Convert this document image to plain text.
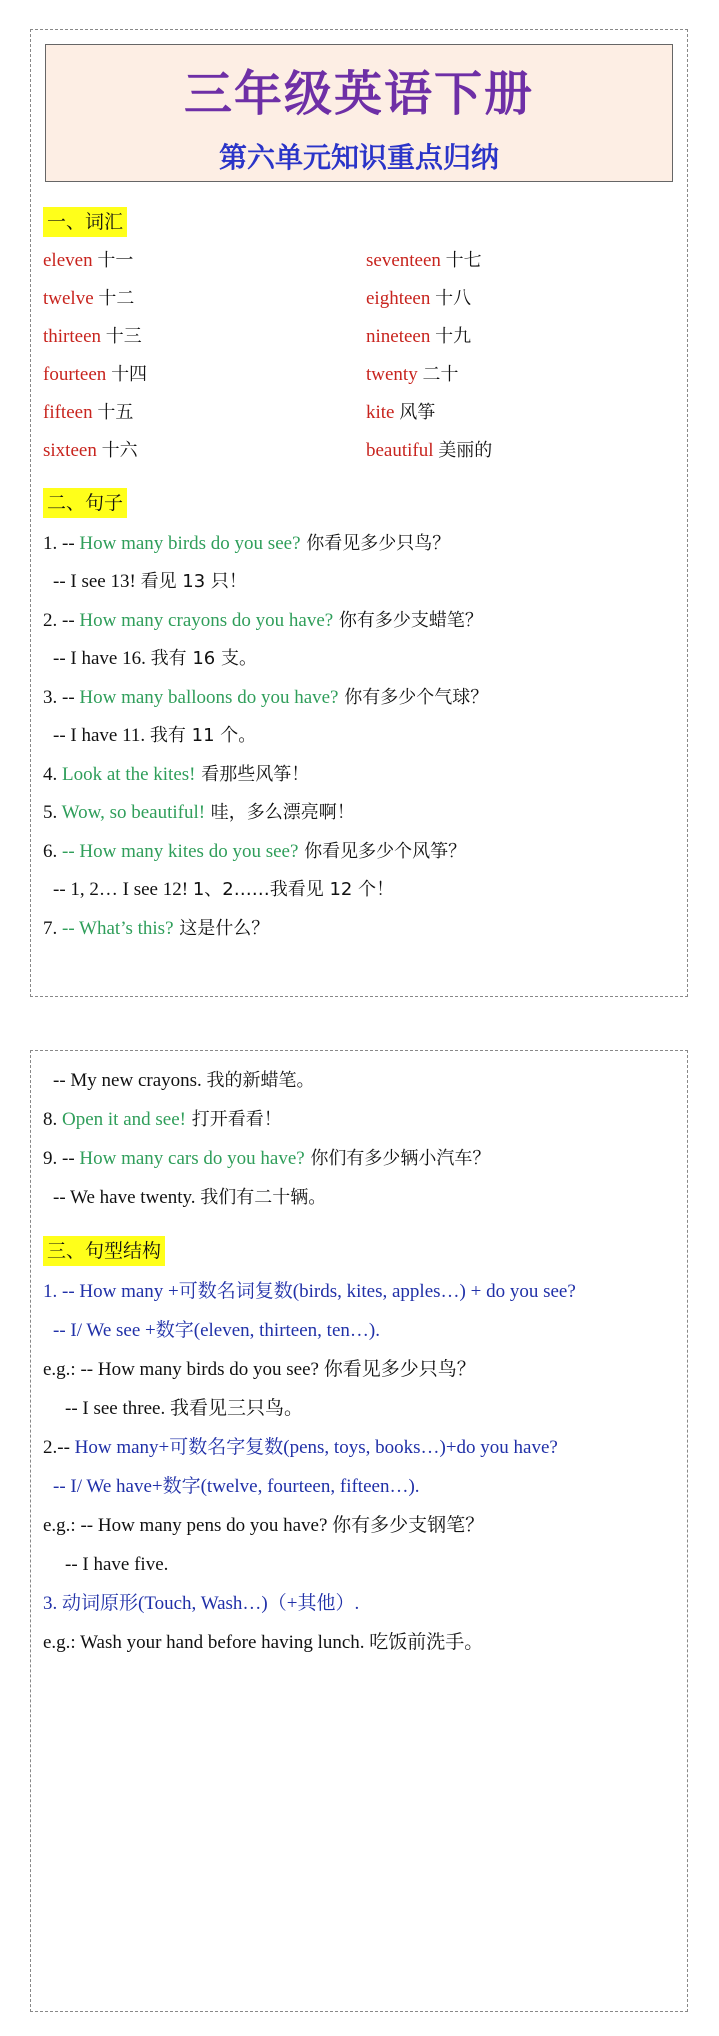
三年级英语下册
第六单元知识重点归纳
一、词汇
eleven 十一	seventeen 十七
twelve 十二	eighteen 十八
thirteen 十三	nineteen 十九
fourteen 十四	twenty 二十
fifteen 十五	kite 风筝
sixteen 十六	beautiful 美丽的
二、句子
1. -- How many birds do you see? 你看见多少只鸟？
-- I see 13! 看见 13 只！
2. -- How many crayons do you have? 你有多少支蜡笔？
-- I have 16. 我有 16 支。
3. -- How many balloons do you have? 你有多少个气球？
-- I have 11. 我有 11 个。
4. Look at the kites! 看那些风筝！
5. Wow, so beautiful! 哇，多么漂亮啊！
6. -- How many kites do you see? 你看见多少个风筝？
-- 1, 2… I see 12! 1、2……我看见 12 个！
7. -- What’s this? 这是什么？
-- My new crayons. 我的新蜡笔。
8. Open it and see! 打开看看！
9. -- How many cars do you have? 你们有多少辆小汽车？
-- We have twenty. 我们有二十辆。
三、句型结构
1. -- How many +可数名词复数(birds, kites, apples…) + do you see?
-- I/ We see +数字(eleven, thirteen, ten…).
e.g.: -- How many birds do you see? 你看见多少只鸟？
-- I see three. 我看见三只鸟。
2.-- How many+可数名字复数(pens, toys, books…)+do you have?
-- I/ We have+数字(twelve, fourteen, fifteen…).
e.g.: -- How many pens do you have? 你有多少支钢笔？
-- I have five.
3. 动词原形(Touch, Wash…)（+其他）.
e.g.: Wash your hand before having lunch. 吃饭前洗手。
